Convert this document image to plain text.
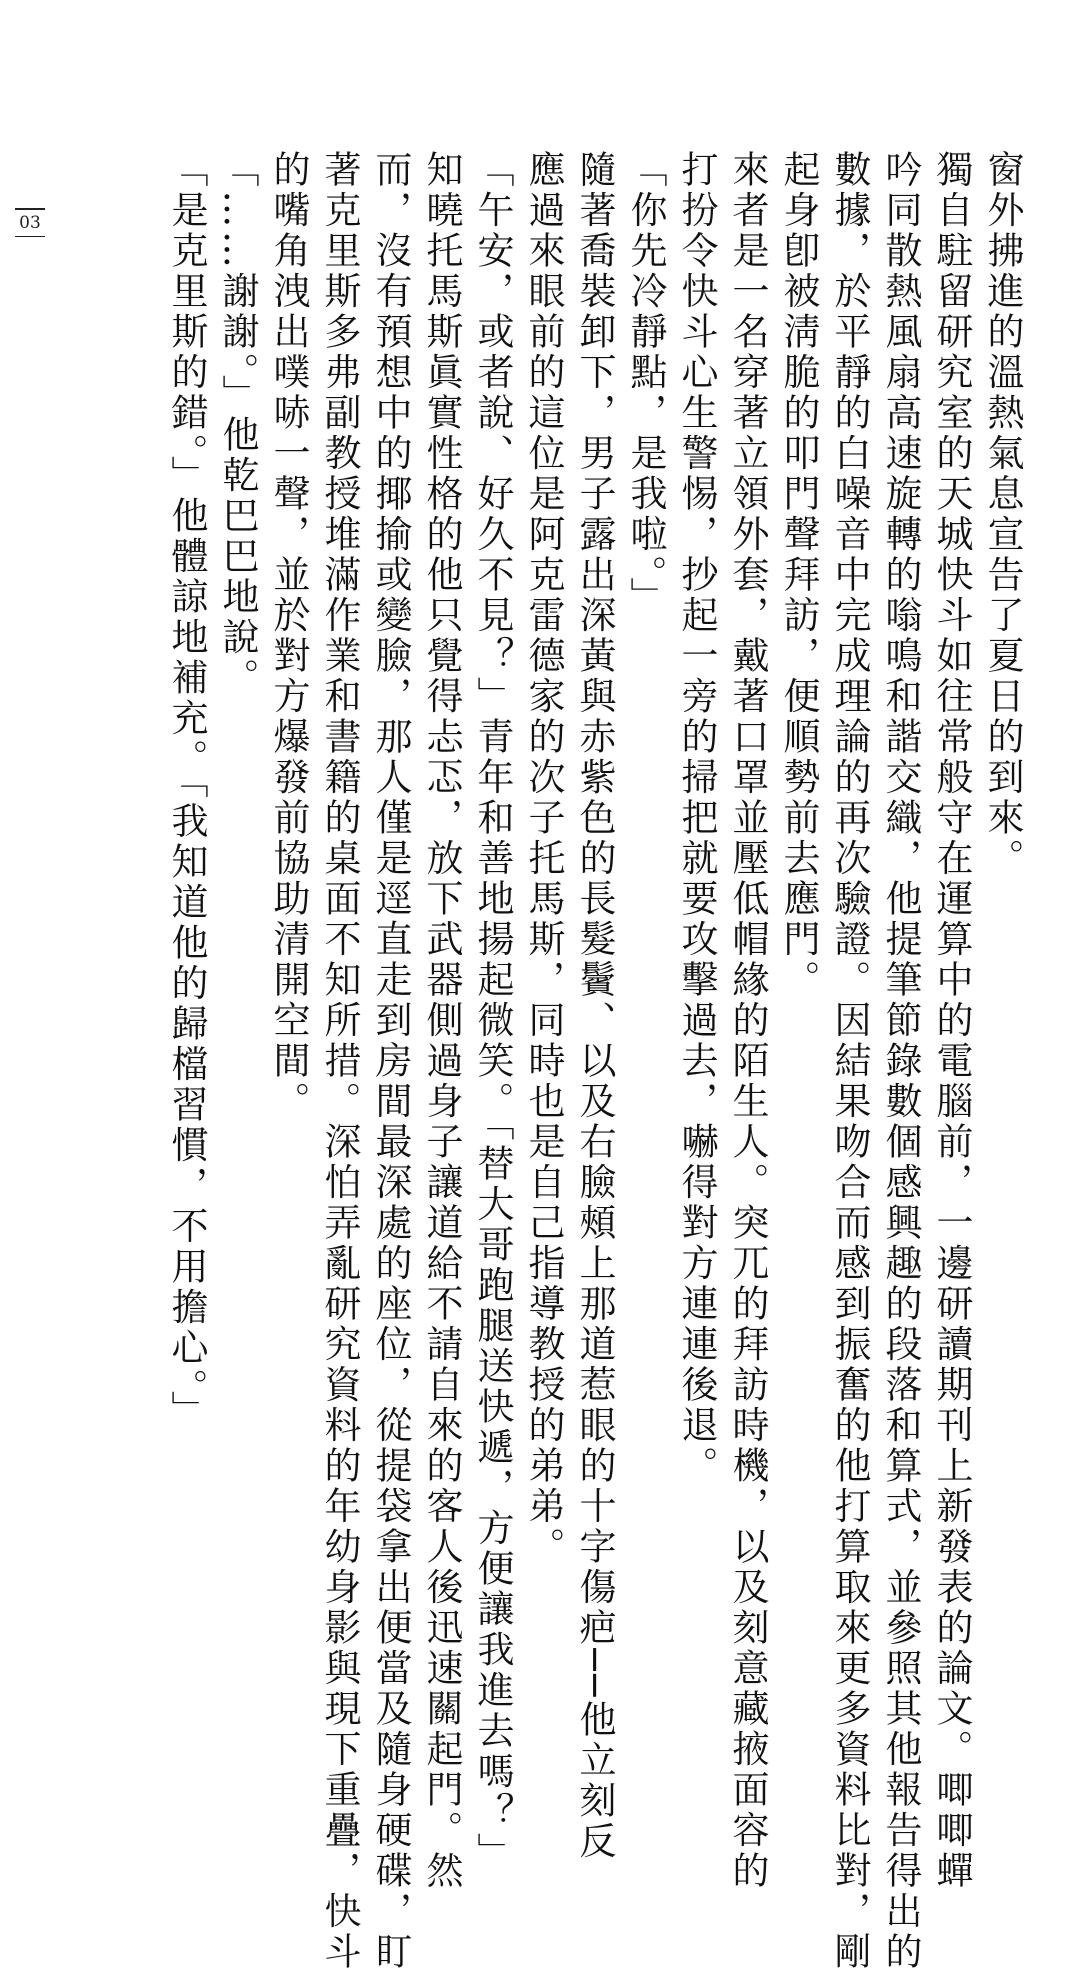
窗外拂進的溫熱氣息宣告了夏日的到來。
獨自駐留研究室的天城快斗如往常般守在運算中的電腦前，一邊研讀期刊上新發表的論文。唧唧蟬
吟同散熱風扇高速旋轉的嗡鳴和諧交織，他提筆節錄數個感興趣的段落和算式，並參照其他報告得出的
數據，於平靜的白噪音中完成理論的再次驗證。因結果吻合而感到振奮的他打算取來更多資料比對，剛
起身卽被淸脆的叩門聲拜訪，便順勢前去應門。
來者是一名穿著立領外套，戴著口罩並壓低帽緣的陌生人。突兀的拜訪時機，以及刻意藏掖面容的
打扮令快斗心生警惕，抄起一旁的掃把就要攻擊過去，嚇得對方連連後退。
「你先冷靜點，是我啦。」
隨著喬裝卸下，男子露出深黃與赤紫色的長髮鬢、以及右臉頰上那道惹眼的十字傷疤──他立刻反
應過來眼前的這位是阿克雷德家的次子托馬斯，同時也是自己指導教授的弟弟。
「午安，或者說、好久不見？」青年和善地揚起微笑。「替大哥跑腿送快遞，方便讓我進去嗎？」
知曉托馬斯眞實性格的他只覺得忐忑，放下武器側過身子讓道給不請自來的客人後迅速關起門。然
而，沒有預想中的揶揄或變臉，那人僅是逕直走到房間最深處的座位，從提袋拿出便當及隨身硬碟，盯
著克里斯多弗副教授堆滿作業和書籍的桌面不知所措。深怕弄亂研究資料的年幼身影與現下重疊，快斗
的嘴角洩出噗哧一聲，並於對方爆發前協助清開空間。
「……謝謝。」他乾巴巴地說。
「是克里斯的錯。」他體諒地補充。「我知道他的歸檔習慣，不用擔心。」
03
